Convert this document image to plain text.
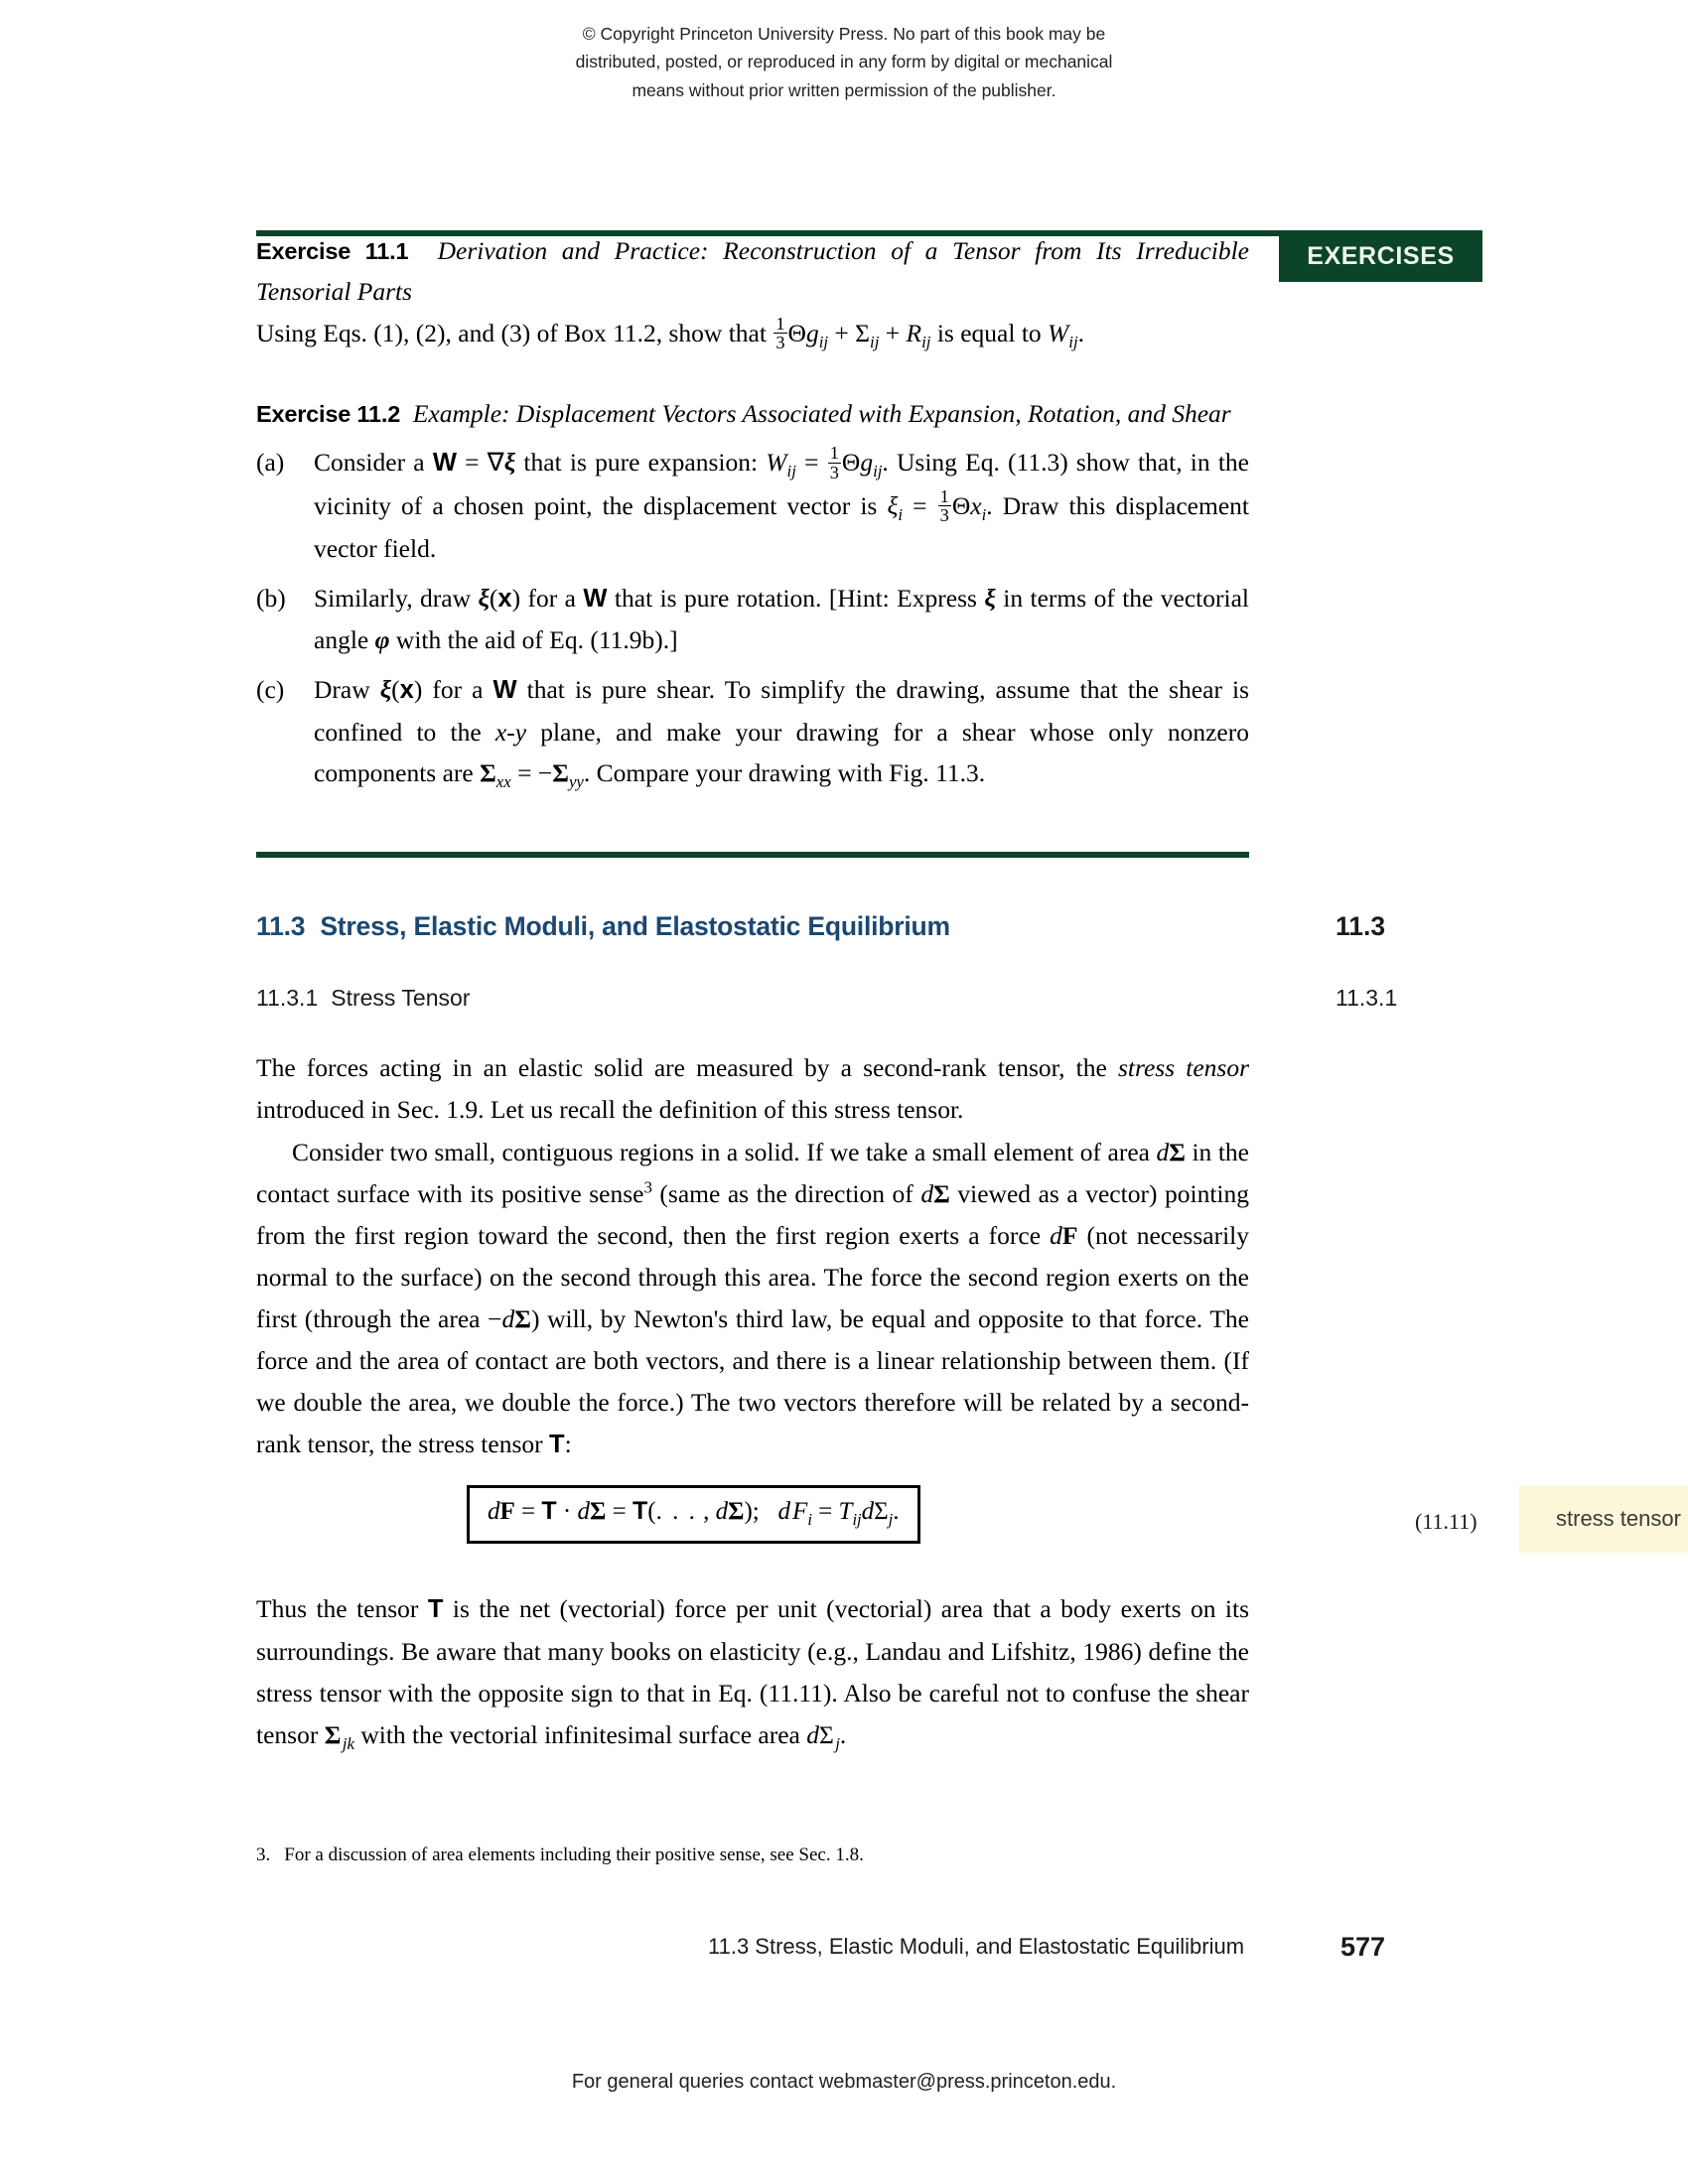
© Copyright Princeton University Press. No part of this book may be
distributed, posted, or reproduced in any form by digital or mechanical
means without prior written permission of the publisher.
EXERCISES

Exercise 11.1 Derivation and Practice: Reconstruction of a Tensor from Its Irreducible Tensorial Parts

Using Eqs. (1), (2), and (3) of Box 11.2, show that $\frac{1}{3} \Theta g_{ij} + \Sigma_{ij} + R_{ij}$ is equal to $W_{ij}$.

Exercise 11.2 Example: Displacement Vectors Associated with Expansion, Rotation, and Shear

(a) Consider a W = ∇ξ that is pure expansion: $W_{ij} = \frac{1}{3} \Theta g_{ij}$. Using Eq. (11.3) show that, in the vicinity of a chosen point, the displacement vector is $\xi_i = \frac{1}{3} \Theta x_i$. Draw this displacement vector field.
(b) Similarly, draw ξ(x) for a W that is pure rotation. [Hint: Express ξ in terms of the vectorial angle φ with the aid of Eq. (11.9b).]
(c) Draw ξ(x) for a W that is pure shear. To simplify the drawing, assume that the shear is confined to the x-y plane, and make your drawing for a shear whose only nonzero components are $\Sigma_{xx} = -\Sigma_{yy}$. Compare your drawing with Fig. 11.3.
11.3 Stress, Elastic Moduli, and Elastostatic Equilibrium	11.3
11.3.1 Stress Tensor	11.3.1

The forces acting in an elastic solid are measured by a second-rank tensor, the stress tensor introduced in Sec. 1.9. Let us recall the definition of this stress tensor.

Consider two small, contiguous regions in a solid. If we take a small element of area dΣ in the contact surface with its positive sense$^3$ (same as the direction of dΣ viewed as a vector) pointing from the first region toward the second, then the first region exerts a force dF (not necessarily normal to the surface) on the second through this area. The force the second region exerts on the first (through the area −dΣ) will, by Newton's third law, be equal and opposite to that force. The force and the area of contact are both vectors, and there is a linear relationship between them. (If we double the area, we double the force.) The two vectors therefore will be related by a second-rank tensor, the stress tensor T:

dF = T · dΣ = T(. . . , dΣ);   d $F_i = T_{ij}d\Sigma_j$.	(11.11)	stress tensor

Thus the tensor T is the net (vectorial) force per unit (vectorial) area that a body exerts on its surroundings. Be aware that many books on elasticity (e.g., Landau and Lifshitz, 1986) define the stress tensor with the opposite sign to that in Eq. (11.11). Also be careful not to confuse the shear tensor Σ $_{jk}$ with the vectorial infinitesimal surface area dΣ $_j$.

3. For a discussion of area elements including their positive sense, see Sec. 1.8.
11.3 Stress, Elastic Moduli, and Elastostatic Equilibrium	577
For general queries contact webmaster@press.princeton.edu.
